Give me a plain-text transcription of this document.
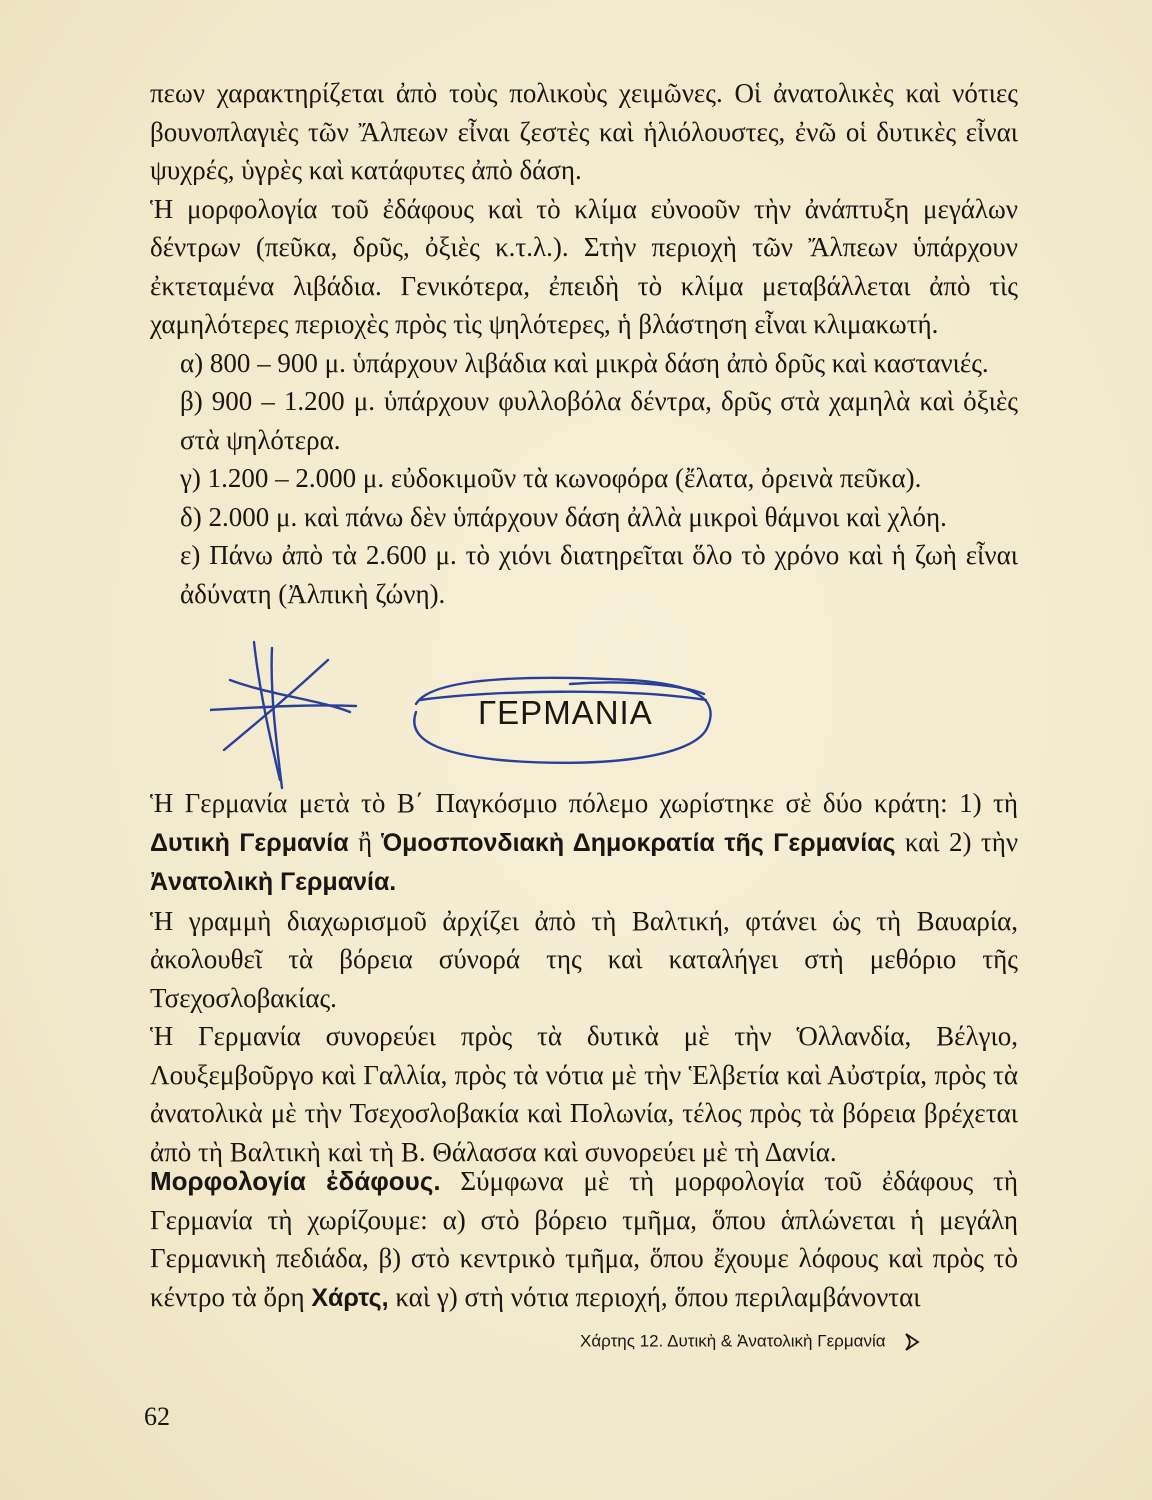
πεων χαρακτηρίζεται ἀπὸ τοὺς πολικοὺς χειμῶνες. Οἱ ἀνατολικὲς καὶ νότιες βουνοπλαγιὲς τῶν Ἄλπεων εἶναι ζεστὲς καὶ ἡλιόλουστες, ἐνῶ οἱ δυτικὲς εἶναι ψυχρές, ὑγρὲς καὶ κατάφυτες ἀπὸ δάση.

Ἡ μορφολογία τοῦ ἐδάφους καὶ τὸ κλίμα εὐνοοῦν τὴν ἀνάπτυξη μεγάλων δέντρων (πεῦκα, δρῦς, ὀξιὲς κ.τ.λ.). Στὴν περιοχὴ τῶν Ἄλπεων ὑπάρχουν ἐκτεταμένα λιβάδια. Γενικότερα, ἐπειδὴ τὸ κλίμα μεταβάλλεται ἀπὸ τὶς χαμηλότερες περιοχὲς πρὸς τὶς ψηλότερες, ἡ βλάστηση εἶναι κλιμακωτή.

α) 800 – 900 μ. ὑπάρχουν λιβάδια καὶ μικρὰ δάση ἀπὸ δρῦς καὶ καστανιές.

β) 900 – 1.200 μ. ὑπάρχουν φυλλοβόλα δέντρα, δρῦς στὰ χαμηλὰ καὶ ὀξιὲς στὰ ψηλότερα.

γ) 1.200 – 2.000 μ. εὐδοκιμοῦν τὰ κωνοφόρα (ἔλατα, ὀρεινὰ πεῦκα).

δ) 2.000 μ. καὶ πάνω δὲν ὑπάρχουν δάση ἀλλὰ μικροὶ θάμνοι καὶ χλόη.

ε) Πάνω ἀπὸ τὰ 2.600 μ. τὸ χιόνι διατηρεῖται ὅλο τὸ χρόνο καὶ ἡ ζωὴ εἶναι ἀδύνατη (Ἀλπικὴ ζώνη).

ΓΕΡΜΑΝΙΑ

Ἡ Γερμανία μετὰ τὸ Β΄ Παγκόσμιο πόλεμο χωρίστηκε σὲ δύο κράτη: 1) τὴ Δυτικὴ Γερμανία ἢ Ὁμοσπονδιακὴ Δημοκρατία τῆς Γερμανίας καὶ 2) τὴν Ἀνατολικὴ Γερμανία.

Ἡ γραμμὴ διαχωρισμοῦ ἀρχίζει ἀπὸ τὴ Βαλτική, φτάνει ὡς τὴ Βαυαρία, ἀκολουθεῖ τὰ βόρεια σύνορά της καὶ καταλήγει στὴ μεθόριο τῆς Τσεχοσλοβακίας.

Ἡ Γερμανία συνορεύει πρὸς τὰ δυτικὰ μὲ τὴν Ὁλλανδία, Βέλγιο, Λουξεμβοῦργο καὶ Γαλλία, πρὸς τὰ νότια μὲ τὴν Ἑλβετία καὶ Αὐστρία, πρὸς τὰ ἀνατολικὰ μὲ τὴν Τσεχοσλοβακία καὶ Πολωνία, τέλος πρὸς τὰ βόρεια βρέχεται ἀπὸ τὴ Βαλτικὴ καὶ τὴ Β. Θάλασσα καὶ συνορεύει μὲ τὴ Δανία.

Μορφολογία ἐδάφους. Σύμφωνα μὲ τὴ μορφολογία τοῦ ἐδάφους τὴ Γερμανία τὴ χωρίζουμε: α) στὸ βόρειο τμῆμα, ὅπου ἁπλώνεται ἡ μεγάλη Γερμανικὴ πεδιάδα, β) στὸ κεντρικὸ τμῆμα, ὅπου ἔχουμε λόφους καὶ πρὸς τὸ κέντρο τὰ ὄρη Χάρτς, καὶ γ) στὴ νότια περιοχή, ὅπου περιλαμβάνονται

Χάρτης 12. Δυτικὴ & Ἀνατολικὴ Γερμανία
62
